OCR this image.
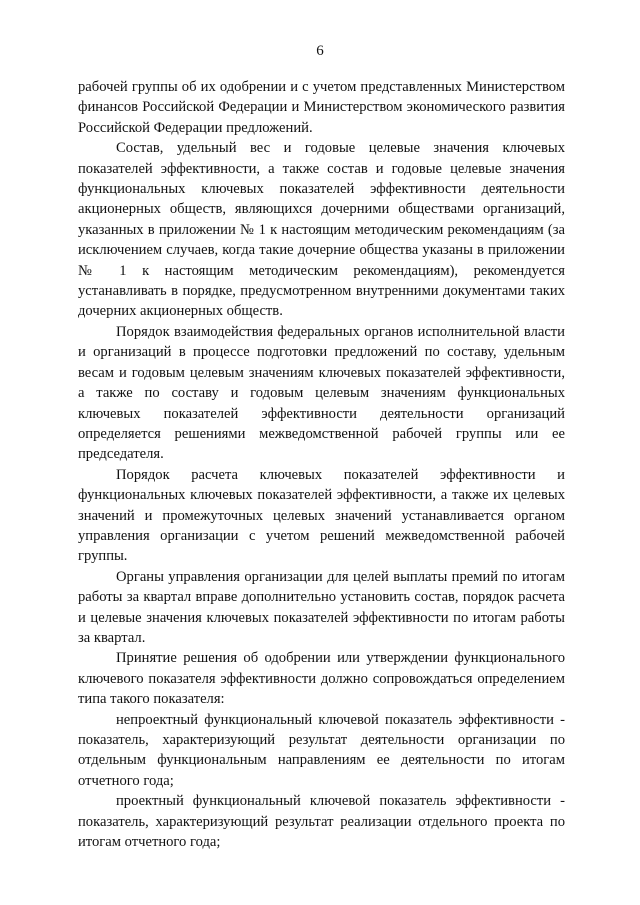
6

рабочей группы об их одобрении и с учетом представленных Министерством финансов Российской Федерации и Министерством экономического развития Российской Федерации предложений.

Состав, удельный вес и годовые целевые значения ключевых показателей эффективности, а также состав и годовые целевые значения функциональных ключевых показателей эффективности деятельности акционерных обществ, являющихся дочерними обществами организаций, указанных в приложении № 1 к настоящим методическим рекомендациям (за исключением случаев, когда такие дочерние общества указаны в приложении № 1 к настоящим методическим рекомендациям), рекомендуется устанавливать в порядке, предусмотренном внутренними документами таких дочерних акционерных обществ.

Порядок взаимодействия федеральных органов исполнительной власти и организаций в процессе подготовки предложений по составу, удельным весам и годовым целевым значениям ключевых показателей эффективности, а также по составу и годовым целевым значениям функциональных ключевых показателей эффективности деятельности организаций определяется решениями межведомственной рабочей группы или ее председателя.

Порядок расчета ключевых показателей эффективности и функциональных ключевых показателей эффективности, а также их целевых значений и промежуточных целевых значений устанавливается органом управления организации с учетом решений межведомственной рабочей группы.

Органы управления организации для целей выплаты премий по итогам работы за квартал вправе дополнительно установить состав, порядок расчета и целевые значения ключевых показателей эффективности по итогам работы за квартал.

Принятие решения об одобрении или утверждении функционального ключевого показателя эффективности должно сопровождаться определением типа такого показателя:

непроектный функциональный ключевой показатель эффективности - показатель, характеризующий результат деятельности организации по отдельным функциональным направлениям ее деятельности по итогам отчетного года;

проектный функциональный ключевой показатель эффективности - показатель, характеризующий результат реализации отдельного проекта по итогам отчетного года;
